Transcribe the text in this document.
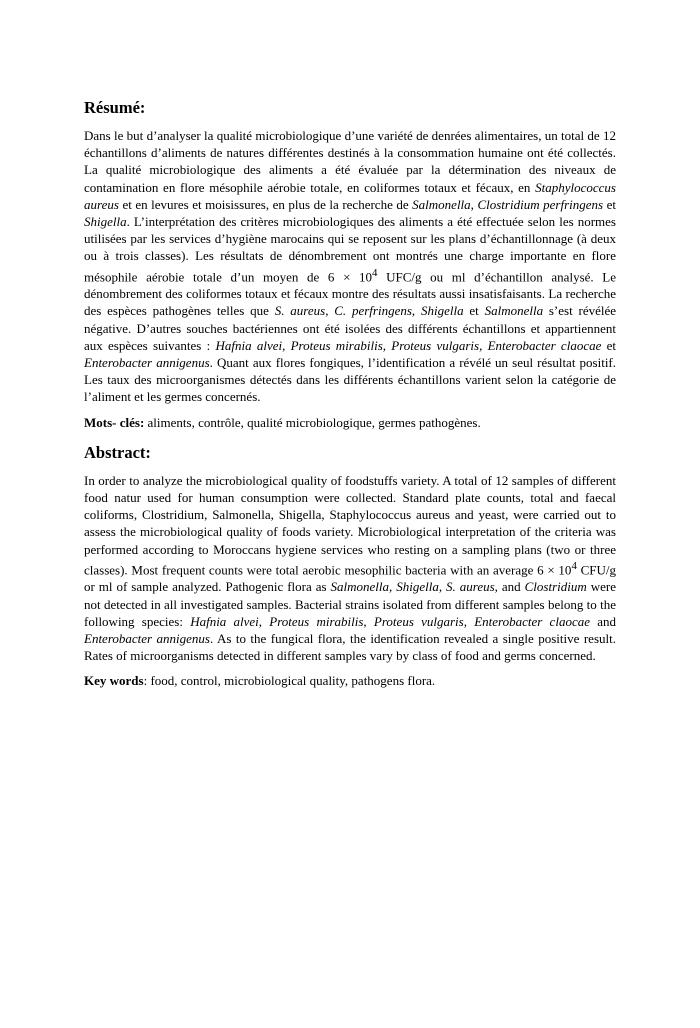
Résumé:

Dans le but d’analyser la qualité microbiologique d’une variété de denrées alimentaires, un total de 12 échantillons d’aliments de natures différentes destinés à la consommation humaine ont été collectés. La qualité microbiologique des aliments a été évaluée par la détermination des niveaux de contamination en flore mésophile aérobie totale, en coliformes totaux et fécaux, en Staphylococcus aureus et en levures et moisissures, en plus de la recherche de Salmonella, Clostridium perfringens et Shigella. L’interprétation des critères microbiologiques des aliments a été effectuée selon les normes utilisées par les services d’hygiène marocains qui se reposent sur les plans d’échantillonnage (à deux ou à trois classes). Les résultats de dénombrement ont montrés une charge importante en flore mésophile aérobie totale d’un moyen de $6 \times 10^4$ UFC/g ou ml d’échantillon analysé. Le dénombrement des coliformes totaux et fécaux montre des résultats aussi insatisfaisants. La recherche des espèces pathogènes telles que S. aureus, C. perfringens, Shigella et Salmonella s’est révélée négative. D’autres souches bactériennes ont été isolées des différents échantillons et appartiennent aux espèces suivantes : Hafnia alvei, Proteus mirabilis, Proteus vulgaris, Enterobacter claocae et Enterobacter annigenus. Quant aux flores fongiques, l’identification a révélé un seul résultat positif. Les taux des microorganismes détectés dans les différents échantillons varient selon la catégorie de l’aliment et les germes concernés.

Mots- clés: aliments, contrôle, qualité microbiologique, germes pathogènes.

Abstract:

In order to analyze the microbiological quality of foodstuffs variety. A total of 12 samples of different food natur used for human consumption were collected. Standard plate counts, total and faecal coliforms, Clostridium, Salmonella, Shigella, Staphylococcus aureus and yeast, were carried out to assess the microbiological quality of foods variety. Microbiological interpretation of the criteria was performed according to Moroccans hygiene services who resting on a sampling plans (two or three classes). Most frequent counts were total aerobic mesophilic bacteria with an average $6 \times 10^4$ CFU/g or ml of sample analyzed. Pathogenic flora as Salmonella, Shigella, S. aureus, and Clostridium were not detected in all investigated samples. Bacterial strains isolated from different samples belong to the following species: Hafnia alvei, Proteus mirabilis, Proteus vulgaris, Enterobacter claocae and Enterobacter annigenus. As to the fungical flora, the identification revealed a single positive result. Rates of microorganisms detected in different samples vary by class of food and germs concerned.

Key words: food, control, microbiological quality, pathogens flora.
